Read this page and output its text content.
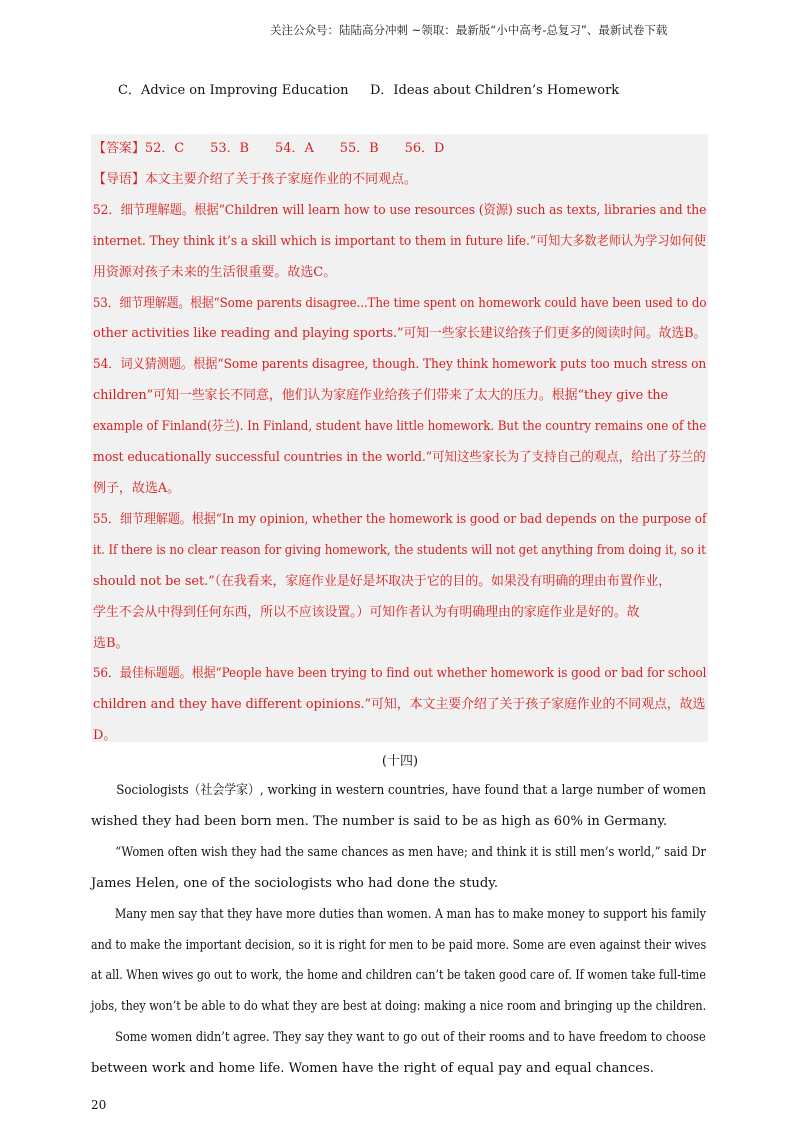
关注公众号：陆陆高分冲刺 ~领取：最新版“小中高考-总复习”、最新试卷下载
C．Advice on Improving Education D．Ideas about Children’s Homework
【答案】52．C　　53．B　　54．A　　55．B　　56．D
【导语】本文主要介绍了关于孩子家庭作业的不同观点。
52．细节理解题。根据“Children will learn how to use resources (资源) such as texts, libraries and the
internet. They think it’s a skill which is important to them in future life.”可知大多数老师认为学习如何使
用资源对孩子未来的生活很重要。故选C。
53．细节理解题。根据“Some parents disagree...The time spent on homework could have been used to do
other activities like reading and playing sports.”可知一些家长建议给孩子们更多的阅读时间。故选B。
54．词义猜测题。根据“Some parents disagree, though. They think homework puts too much stress on
children”可知一些家长不同意，他们认为家庭作业给孩子们带来了太大的压力。根据“they give the
example of Finland(芬兰). In Finland, student have little homework. But the country remains one of the
most educationally successful countries in the world.”可知这些家长为了支持自己的观点，给出了芬兰的
例子，故选A。
55．细节理解题。根据“In my opinion, whether the homework is good or bad depends on the purpose of
it. If there is no clear reason for giving homework, the students will not get anything from doing it, so it
should not be set.”（在我看来，家庭作业是好是坏取决于它的目的。如果没有明确的理由布置作业，
学生不会从中得到任何东西，所以不应该设置。）可知作者认为有明确理由的家庭作业是好的。故
选B。
56．最佳标题题。根据“People have been trying to find out whether homework is good or bad for school
children and they have different opinions.”可知，本文主要介绍了关于孩子家庭作业的不同观点，故选
D。
(十四)
Sociologists（社会学家）, working in western countries, have found that a large number of women
wished they had been born men. The number is said to be as high as 60% in Germany.
“Women often wish they had the same chances as men have; and think it is still men’s world,” said Dr
James Helen, one of the sociologists who had done the study.
Many men say that they have more duties than women. A man has to make money to support his family
and to make the important decision, so it is right for men to be paid more. Some are even against their wives
at all. When wives go out to work, the home and children can’t be taken good care of. If women take full-time
jobs, they won’t be able to do what they are best at doing: making a nice room and bringing up the children.
Some women didn’t agree. They say they want to go out of their rooms and to have freedom to choose
between work and home life. Women have the right of equal pay and equal chances.
20
